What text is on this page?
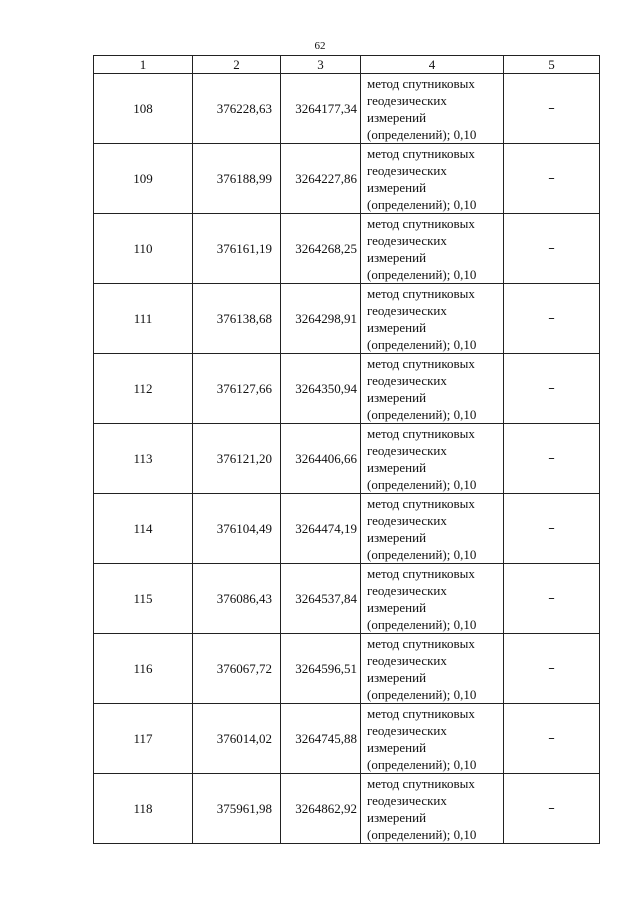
62
1	2	3	4	5
108	376228,63	3264177,34	метод спутниковых геодезических измерений (определений); 0,10	–
109	376188,99	3264227,86	метод спутниковых геодезических измерений (определений); 0,10	–
110	376161,19	3264268,25	метод спутниковых геодезических измерений (определений); 0,10	–
111	376138,68	3264298,91	метод спутниковых геодезических измерений (определений); 0,10	–
112	376127,66	3264350,94	метод спутниковых геодезических измерений (определений); 0,10	–
113	376121,20	3264406,66	метод спутниковых геодезических измерений (определений); 0,10	–
114	376104,49	3264474,19	метод спутниковых геодезических измерений (определений); 0,10	–
115	376086,43	3264537,84	метод спутниковых геодезических измерений (определений); 0,10	–
116	376067,72	3264596,51	метод спутниковых геодезических измерений (определений); 0,10	–
117	376014,02	3264745,88	метод спутниковых геодезических измерений (определений); 0,10	–
118	375961,98	3264862,92	метод спутниковых геодезических измерений (определений); 0,10	–
